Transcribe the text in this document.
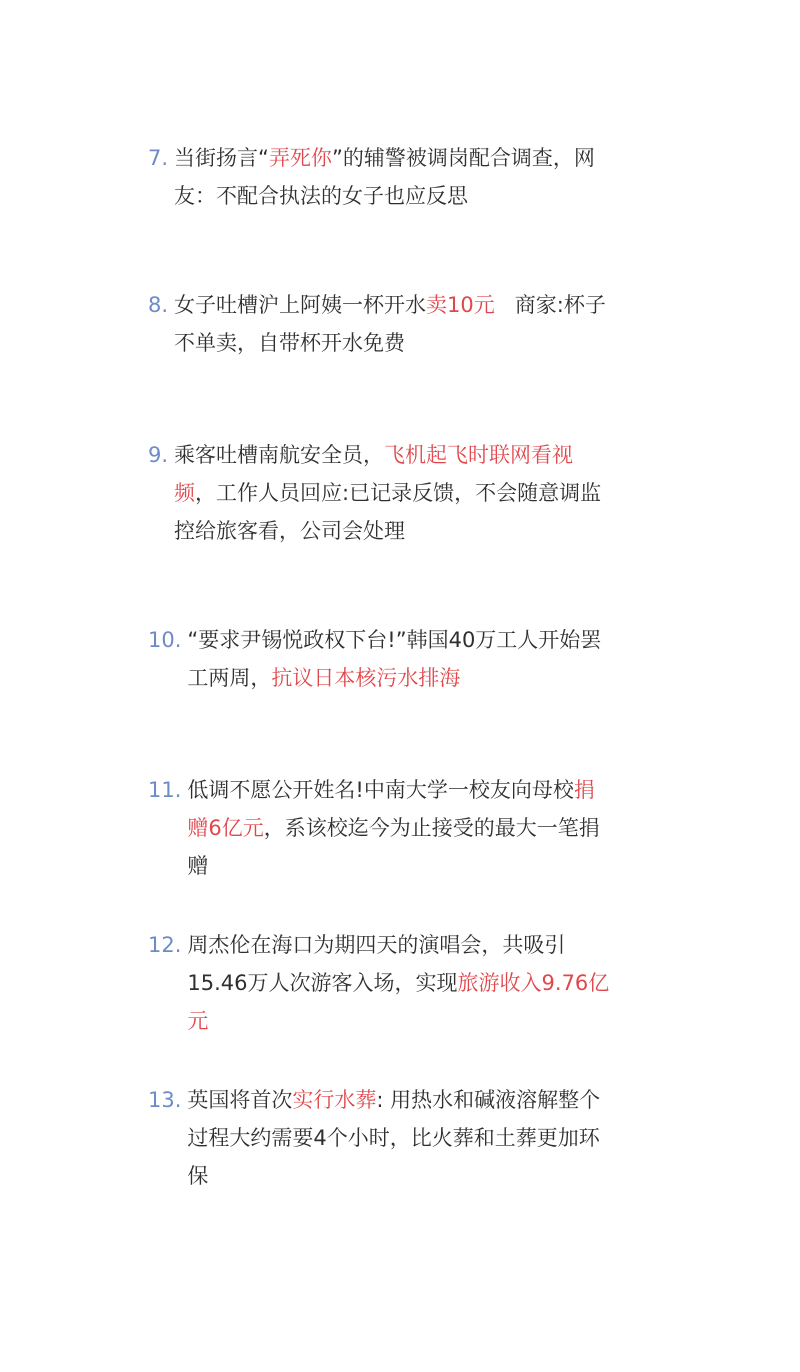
7. 当街扬言“弄死你”的辅警被调岗配合调查，网
友：不配合执法的女子也应反思
8. 女子吐槽沪上阿姨一杯开水卖10元   商家:杯子
不单卖，自带杯开水免费
9. 乘客吐槽南航安全员，飞机起飞时联网看视
频，工作人员回应:已记录反馈，不会随意调监
控给旅客看，公司会处理
10. “要求尹锡悦政权下台!”韩国40万工人开始罢
工两周，抗议日本核污水排海
11. 低调不愿公开姓名!中南大学一校友向母校捐
赠6亿元，系该校迄今为止接受的最大一笔捐
赠
12. 周杰伦在海口为期四天的演唱会，共吸引
15.46万人次游客入场，实现旅游收入9.76亿
元
13. 英国将首次实行水葬: 用热水和碱液溶解整个
过程大约需要4个小时，比火葬和土葬更加环
保
